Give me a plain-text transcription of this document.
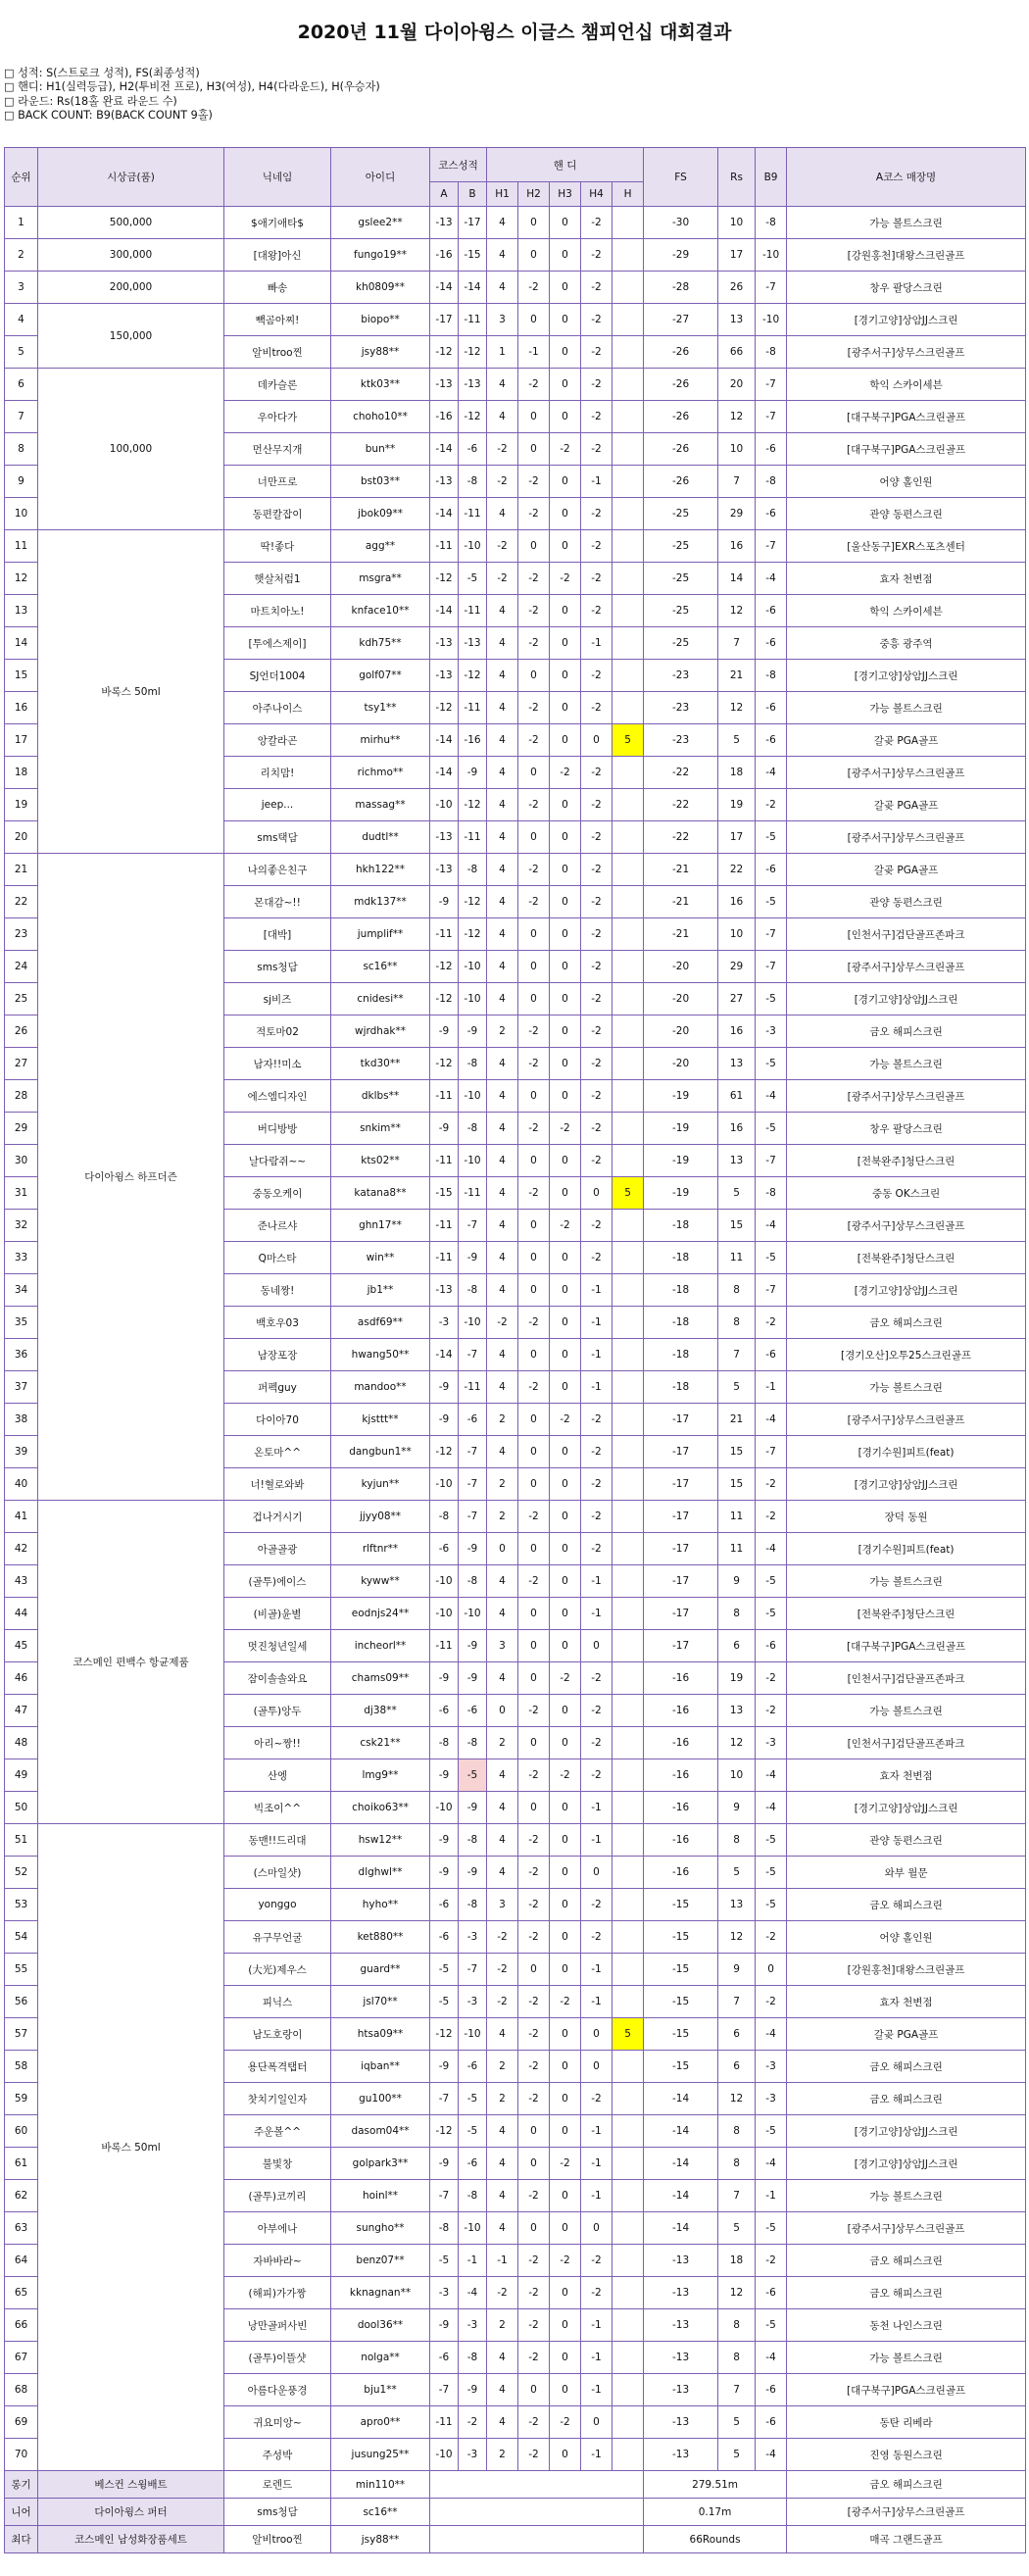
2020년 11월 다이아윙스 이글스 챔피언십 대회결과
□ 성적: S(스트로크 성적), FS(최종성적)
□ 핸디: H1(실력등급), H2(투비전 프로), H3(여성), H4(다라운드), H(우승자)
□ 라운드: Rs(18홀 완료 라운드 수)
□ BACK COUNT: B9(BACK COUNT 9홀)
순위	시상금(품)	닉네임	아이디	코스성적		핸 디					FS	Rs	B9	A코스 매장명
				A	B	H1	H2	H3	H4	H				
1	500,000	$애기애타$	gslee2**	-13	-17	4	0	0	-2		-30	10	-8	가능 볼트스크린
2	300,000	[대왕]아신	fungo19**	-16	-15	4	0	0	-2		-29	17	-10	[강원홍천]대왕스크린골프
3	200,000	빠송	kh0809**	-14	-14	4	-2	0	-2		-28	26	-7	창우 팔당스크린
4	150,000	빽곰아찌!	biopo**	-17	-11	3	0	0	-2		-27	13	-10	[경기고양]상암JJ스크린
5		알비troo찐	jsy88**	-12	-12	1	-1	0	-2		-26	66	-8	[광주서구]상무스크린골프
6	100,000	데카슬론	ktk03**	-13	-13	4	-2	0	-2		-26	20	-7	학익 스카이세븐
7		우아다가	choho10**	-16	-12	4	0	0	-2		-26	12	-7	[대구북구]PGA스크린골프
8		먼산무지개	bun**	-14	-6	-2	0	-2	-2		-26	10	-6	[대구북구]PGA스크린골프
9		너만프로	bst03**	-13	-8	-2	-2	0	-1		-26	7	-8	어양 홀인원
10		동편칼잡이	jbok09**	-14	-11	4	-2	0	-2		-25	29	-6	관양 동편스크린
11	바록스 50ml	딱!좋다	agg**	-11	-10	-2	0	0	-2		-25	16	-7	[울산동구]EXR스포츠센터
12		햇살처럼1	msgra**	-12	-5	-2	-2	-2	-2		-25	14	-4	효자 천변점
13		마트치아노!	knface10**	-14	-11	4	-2	0	-2		-25	12	-6	학익 스카이세븐
14		[투에스제이]	kdh75**	-13	-13	4	-2	0	-1		-25	7	-6	중흥 광주역
15		SJ언더1004	golf07**	-13	-12	4	0	0	-2		-23	21	-8	[경기고양]상암JJ스크린
16		아주나이스	tsy1**	-12	-11	4	-2	0	-2		-23	12	-6	가능 볼트스크린
17		앙칼라곤	mirhu**	-14	-16	4	-2	0	0	5	-23	5	-6	갈곶 PGA골프
18		리치맘!	richmo**	-14	-9	4	0	-2	-2		-22	18	-4	[광주서구]상무스크린골프
19		jeep...	massag**	-10	-12	4	-2	0	-2		-22	19	-2	갈곶 PGA골프
20		sms택담	dudtl**	-13	-11	4	0	0	-2		-22	17	-5	[광주서구]상무스크린골프
21	다이아윙스 하프더즌	나의좋은친구	hkh122**	-13	-8	4	-2	0	-2		-21	22	-6	갈곶 PGA골프
22		몬대감~!!	mdk137**	-9	-12	4	-2	0	-2		-21	16	-5	관양 동편스크린
23		[대박]	jumplif**	-11	-12	4	0	0	-2		-21	10	-7	[인천서구]검단골프존파크
24		sms청담	sc16**	-12	-10	4	0	0	-2		-20	29	-7	[광주서구]상무스크린골프
25		sj비즈	cnidesi**	-12	-10	4	0	0	-2		-20	27	-5	[경기고양]상암JJ스크린
26		적토마02	wjrdhak**	-9	-9	2	-2	0	-2		-20	16	-3	금오 해피스크린
27		남자!!미소	tkd30**	-12	-8	4	-2	0	-2		-20	13	-5	가능 볼트스크린
28		에스엠디자인	dklbs**	-11	-10	4	0	0	-2		-19	61	-4	[광주서구]상무스크린골프
29		버디방방	snkim**	-9	-8	4	-2	-2	-2		-19	16	-5	창우 팔당스크린
30		날다람쥐~~	kts02**	-11	-10	4	0	0	-2		-19	13	-7	[전북완주]청단스크린
31		중동오케이	katana8**	-15	-11	4	-2	0	0	5	-19	5	-8	중동 OK스크린
32		준나르샤	ghn17**	-11	-7	4	0	-2	-2		-18	15	-4	[광주서구]상무스크린골프
33		Q마스타	win**	-11	-9	4	0	0	-2		-18	11	-5	[전북완주]청단스크린
34		동네짱!	jb1**	-13	-8	4	0	0	-1		-18	8	-7	[경기고양]상암JJ스크린
35		백호우03	asdf69**	-3	-10	-2	-2	0	-1		-18	8	-2	금오 해피스크린
36		남장포장	hwang50**	-14	-7	4	0	0	-1		-18	7	-6	[경기오산]오투25스크린골프
37		퍼펙guy	mandoo**	-9	-11	4	-2	0	-1		-18	5	-1	가능 볼트스크린
38		다이아70	kjsttt**	-9	-6	2	0	-2	-2		-17	21	-4	[광주서구]상무스크린골프
39		온토마^^	dangbun1**	-12	-7	4	0	0	-2		-17	15	-7	[경기수원]피트(feat)
40		너!혈로와봐	kyjun**	-10	-7	2	0	0	-2		-17	15	-2	[경기고양]상암JJ스크린
41	코스메인 편백수 항균제품	겁나거시기	jjyy08**	-8	-7	2	-2	0	-2		-17	11	-2	장덕 동원
42		아골골광	rlftnr**	-6	-9	0	0	0	-2		-17	11	-4	[경기수원]피트(feat)
43		(골투)에이스	kyww**	-10	-8	4	-2	0	-1		-17	9	-5	가능 볼트스크린
44		(비골)윤별	eodnjs24**	-10	-10	4	0	0	-1		-17	8	-5	[전북완주]청단스크린
45		멋진청년일세	incheorl**	-11	-9	3	0	0	0		-17	6	-6	[대구북구]PGA스크린골프
46		잠이솔솔와요	chams09**	-9	-9	4	0	-2	-2		-16	19	-2	[인천서구]검단골프존파크
47		(골투)앙두	dj38**	-6	-6	0	-2	0	-2		-16	13	-2	가능 볼트스크린
48		아리~짱!!	csk21**	-8	-8	2	0	0	-2		-16	12	-3	[인천서구]검단골프존파크
49		산엥	lmg9**	-9	-5	4	-2	-2	-2		-16	10	-4	효자 천변점
50		빅조이^^	choiko63**	-10	-9	4	0	0	-1		-16	9	-4	[경기고양]상암JJ스크린
51	바록스 50ml	동맨!!드리대	hsw12**	-9	-8	4	-2	0	-1		-16	8	-5	관양 동편스크린
52		(스마일샷)	dlghwl**	-9	-9	4	-2	0	0		-16	5	-5	와부 월문
53		yonggo	hyho**	-6	-8	3	-2	0	-2		-15	13	-5	금오 해피스크린
54		유구무언굴	ket880**	-6	-3	-2	-2	0	-2		-15	12	-2	어양 홀인원
55		(大光)제우스	guard**	-5	-7	-2	0	0	-1		-15	9	0	[강원홍천]대왕스크린골프
56		피닉스	jsl70**	-5	-3	-2	-2	-2	-1		-15	7	-2	효자 천변점
57		남도호랑이	htsa09**	-12	-10	4	-2	0	0	5	-15	6	-4	갈곶 PGA골프
58		용단폭격탭터	iqban**	-9	-6	2	-2	0	0		-15	6	-3	금오 해피스크린
59		찻치기일인자	gu100**	-7	-5	2	-2	0	-2		-14	12	-3	금오 해피스크린
60		주운볼^^	dasom04**	-12	-5	4	0	0	-1		-14	8	-5	[경기고양]상암JJ스크린
61		불빛창	golpark3**	-9	-6	4	0	-2	-1		-14	8	-4	[경기고양]상암JJ스크린
62		(골투)코끼리	hoinl**	-7	-8	4	-2	0	-1		-14	7	-1	가능 볼트스크린
63		아부에나	sungho**	-8	-10	4	0	0	0		-14	5	-5	[광주서구]상무스크린골프
64		자바바라~	benz07**	-5	-1	-1	-2	-2	-2		-13	18	-2	금오 해피스크린
65		(해피)가가짱	kknagnan**	-3	-4	-2	-2	0	-2		-13	12	-6	금오 해피스크린
66		낭만골퍼사빈	dool36**	-9	-3	2	-2	0	-1		-13	8	-5	동천 나인스크린
67		(골투)이뜰샷	nolga**	-6	-8	4	-2	0	-1		-13	8	-4	가능 볼트스크린
68		아름다운풍경	bju1**	-7	-9	4	0	0	-1		-13	7	-6	[대구북구]PGA스크린골프
69		귀요미앙~	apro0**	-11	-2	4	-2	-2	0		-13	5	-6	동탄 리베라
70		주성박	jusung25**	-10	-3	2	-2	0	-1		-13	5	-4	진영 동원스크린
롱기	베스컨 스윙배트	로렌드	min110**								279.51m			금오 해피스크린
니어	다이아윙스 퍼터	sms청담	sc16**								0.17m			[광주서구]상무스크린골프
최다	코스메인 남성화장품세트	알비troo찐	jsy88**								66Rounds			매곡 그랜드골프
